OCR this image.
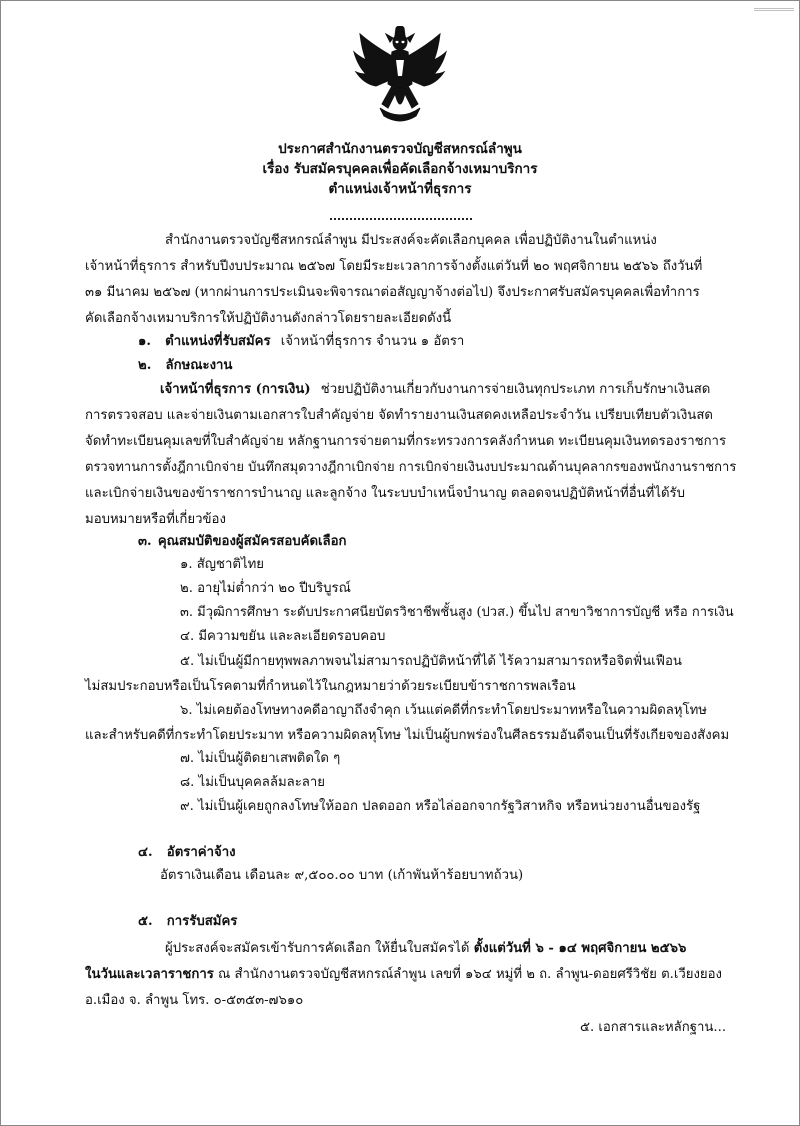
ประกาศสำนักงานตรวจบัญชีสหกรณ์ลำพูน
เรื่อง รับสมัครบุคคลเพื่อคัดเลือกจ้างเหมาบริการ
ตำแหน่งเจ้าหน้าที่ธุรการ
สำนักงานตรวจบัญชีสหกรณ์ลำพูน มีประสงค์จะคัดเลือกบุคคล เพื่อปฏิบัติงานในตำแหน่ง
เจ้าหน้าที่ธุรการ สำหรับปีงบประมาณ ๒๕๖๗ โดยมีระยะเวลาการจ้างตั้งแต่วันที่ ๒๐ พฤศจิกายน ๒๕๖๖ ถึงวันที่
๓๑ มีนาคม ๒๕๖๗ (หากผ่านการประเมินจะพิจารณาต่อสัญญาจ้างต่อไป) จึงประกาศรับสมัครบุคคลเพื่อทำการ
คัดเลือกจ้างเหมาบริการให้ปฏิบัติงานดังกล่าวโดยรายละเอียดดังนี้
๑. ตำแหน่งที่รับสมัคร เจ้าหน้าที่ธุรการ จำนวน ๑ อัตรา
๒. ลักษณะงาน
เจ้าหน้าที่ธุรการ (การเงิน) ช่วยปฏิบัติงานเกี่ยวกับงานการจ่ายเงินทุกประเภท การเก็บรักษาเงินสด
การตรวจสอบ และจ่ายเงินตามเอกสารใบสำคัญจ่าย จัดทำรายงานเงินสดคงเหลือประจำวัน เปรียบเทียบตัวเงินสด
จัดทำทะเบียนคุมเลขที่ใบสำคัญจ่าย หลักฐานการจ่ายตามที่กระทรวงการคลังกำหนด ทะเบียนคุมเงินทดรองราชการ
ตรวจทานการตั้งฎีกาเบิกจ่าย บันทึกสมุดวางฎีกาเบิกจ่าย การเบิกจ่ายเงินงบประมาณด้านบุคลากรของพนักงานราชการ
และเบิกจ่ายเงินของข้าราชการบำนาญ และลูกจ้าง ในระบบบำเหน็จบำนาญ ตลอดจนปฏิบัติหน้าที่อื่นที่ได้รับ
มอบหมายหรือที่เกี่ยวข้อง
๓. คุณสมบัติของผู้สมัครสอบคัดเลือก
๑. สัญชาติไทย
๒. อายุไม่ต่ำกว่า ๒๐ ปีบริบูรณ์
๓. มีวุฒิการศึกษา ระดับประกาศนียบัตรวิชาชีพชั้นสูง (ปวส.) ขึ้นไป สาขาวิชาการบัญชี หรือ การเงิน
๔. มีความขยัน และละเอียดรอบคอบ
๕. ไม่เป็นผู้มีกายทุพพลภาพจนไม่สามารถปฏิบัติหน้าที่ได้ ไร้ความสามารถหรือจิตฟั่นเฟือน
ไม่สมประกอบหรือเป็นโรคตามที่กำหนดไว้ในกฎหมายว่าด้วยระเบียบข้าราชการพลเรือน
๖. ไม่เคยต้องโทษทางคดีอาญาถึงจำคุก เว้นแต่คดีที่กระทำโดยประมาทหรือในความผิดลหุโทษ
และสำหรับคดีที่กระทำโดยประมาท หรือความผิดลหุโทษ ไม่เป็นผู้บกพร่องในศีลธรรมอันดีจนเป็นที่รังเกียจของสังคม
๗. ไม่เป็นผู้ติดยาเสพติดใด ๆ
๘. ไม่เป็นบุคคลล้มละลาย
๙. ไม่เป็นผู้เคยถูกลงโทษให้ออก ปลดออก หรือไล่ออกจากรัฐวิสาหกิจ หรือหน่วยงานอื่นของรัฐ
๔. อัตราค่าจ้าง
อัตราเงินเดือน เดือนละ ๙,๕๐๐.๐๐ บาท (เก้าพันห้าร้อยบาทถ้วน)
๕. การรับสมัคร
ผู้ประสงค์จะสมัครเข้ารับการคัดเลือก ให้ยื่นใบสมัครได้ ตั้งแต่วันที่ ๖ - ๑๔ พฤศจิกายน ๒๕๖๖
ในวันและเวลาราชการ ณ สำนักงานตรวจบัญชีสหกรณ์ลำพูน เลขที่ ๑๖๔ หมู่ที่ ๒ ถ. ลำพูน-ดอยศรีวิชัย ต.เวียงยอง
อ.เมือง จ. ลำพูน โทร. ๐-๕๓๕๓-๗๖๑๐
๕. เอกสารและหลักฐาน...
